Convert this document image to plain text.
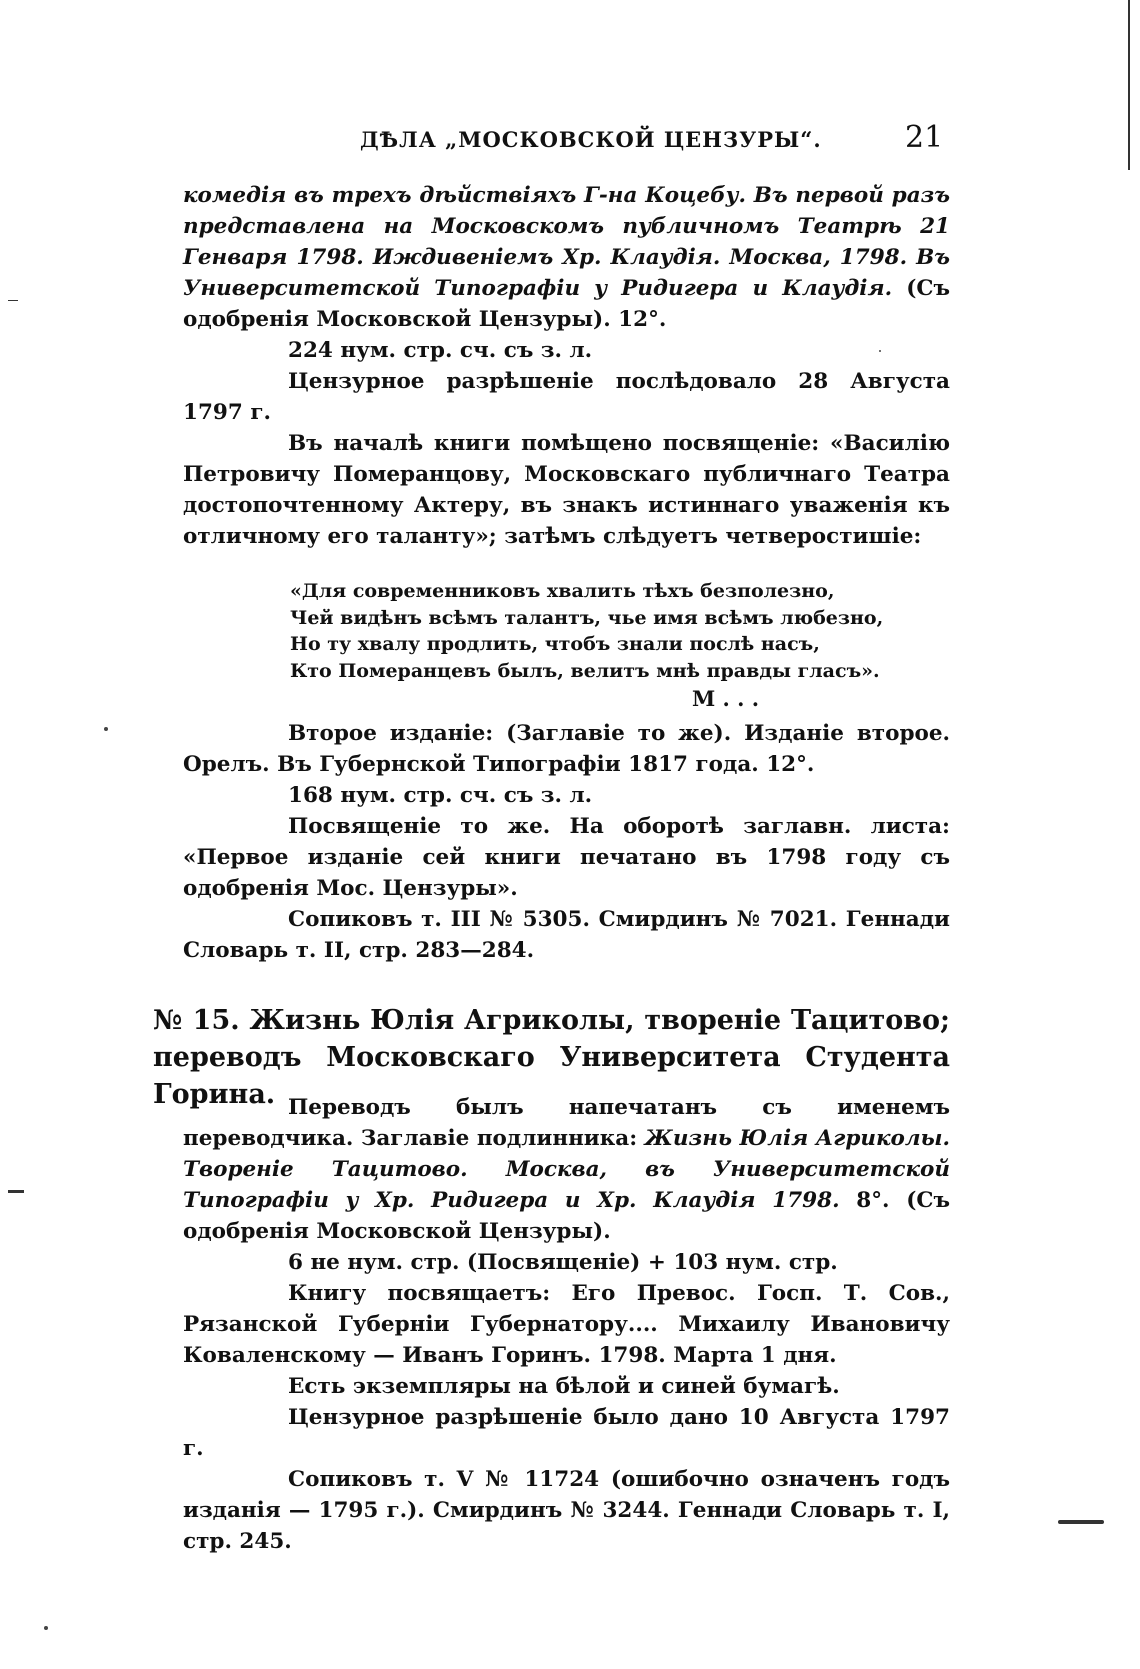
ДѢЛА „МОСКОВСКОЙ ЦЕНЗУРЫ“.	21

комедія въ трехъ дѣйствіяхъ Г-на Коцебу. Въ первой разъ представлена на Московскомъ публичномъ Театрѣ 21 Генваря 1798. Иждивеніемъ Хр. Клаудія. Москва, 1798. Въ Университетской Типографіи у Ридигера и Клаудія. (Съ одобренія Московской Цензуры). 12°.

224 нум. стр. сч. съ з. л.

Цензурное разрѣшеніе послѣдовало 28 Августа 1797 г.

Въ началѣ книги помѣщено посвященіе: «Василію Петровичу Померанцову, Московскаго публичнаго Театра достопочтенному Актеру, въ знакъ истиннаго уваженія къ отличному его таланту»; затѣмъ слѣдуетъ четверостишіе:

«Для современниковъ хвалить тѣхъ безполезно,
Чей видѣнъ всѣмъ талантъ, чье имя всѣмъ любезно,
Но ту хвалу продлить, чтобъ знали послѣ насъ,
Кто Померанцевъ былъ, велитъ мнѣ правды гласъ».
М . . .

Второе изданіе: (Заглавіе то же). Изданіе второе. Орелъ. Въ Губернской Типографіи 1817 года. 12°.

168 нум. стр. сч. съ з. л.

Посвященіе то же. На оборотѣ заглавн. листа: «Первое изданіе сей книги печатано въ 1798 году съ одобренія Мос. Цензуры».

Сопиковъ т. III № 5305. Смирдинъ № 7021. Геннади Словарь т. II, стр. 283—284.

№ 15. Жизнь Юлія Агриколы, твореніе Тацитово; переводъ Московскаго Университета Студента Горина. Переводъ былъ напечатанъ съ именемъ переводчика. Заглавіе подлинника: Жизнь Юлія Агриколы. Твореніе Тацитово. Москва, въ Университетской Типографіи у Хр. Ридигера и Хр. Клаудія 1798. 8°. (Съ одобренія Московской Цензуры).

6 не нум. стр. (Посвященіе) + 103 нум. стр.

Книгу посвящаетъ: Его Превос. Госп. Т. Сов., Рязанской Губерніи Губернатору.... Михаилу Ивановичу Коваленскому — Иванъ Горинъ. 1798. Марта 1 дня.

Есть экземпляры на бѣлой и синей бумагѣ.

Цензурное разрѣшеніе было дано 10 Августа 1797 г.

Сопиковъ т. V № 11724 (ошибочно означенъ годъ изданія — 1795 г.). Смирдинъ № 3244. Геннади Словарь т. I, стр. 245.
